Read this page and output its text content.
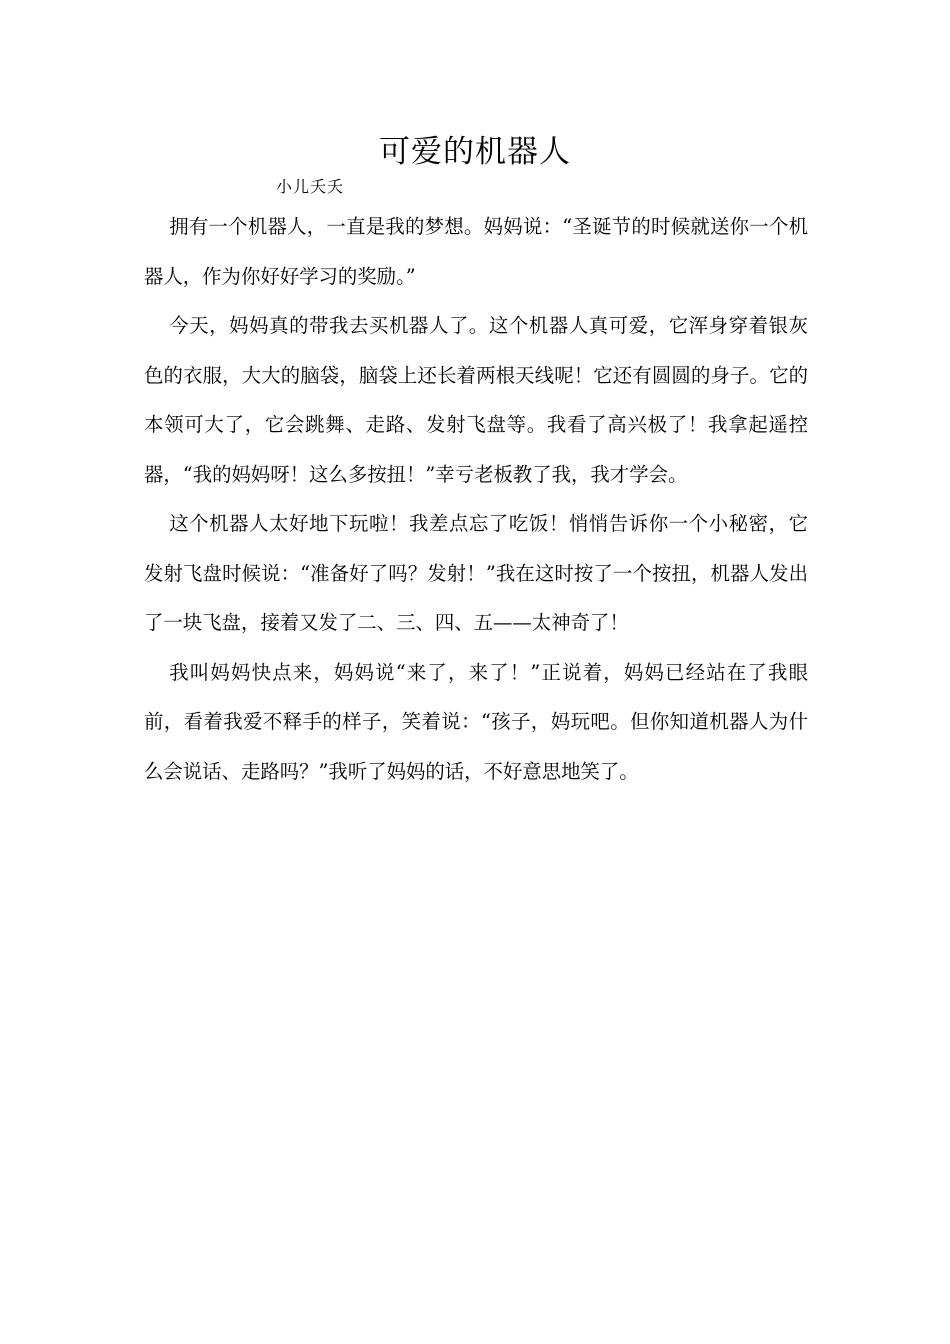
可爱的机器人
小儿夭夭

拥有一个机器人，一直是我的梦想。妈妈说：“圣诞节的时候就送你一个机器人，作为你好好学习的奖励。”

今天，妈妈真的带我去买机器人了。这个机器人真可爱，它浑身穿着银灰色的衣服，大大的脑袋，脑袋上还长着两根天线呢！它还有圆圆的身子。它的本领可大了，它会跳舞、走路、发射飞盘等。我看了高兴极了！我拿起遥控器，“我的妈妈呀！这么多按扭！”幸亏老板教了我，我才学会。

这个机器人太好地下玩啦！我差点忘了吃饭！悄悄告诉你一个小秘密，它发射飞盘时候说：“准备好了吗？发射！”我在这时按了一个按扭，机器人发出了一块飞盘，接着又发了二、三、四、五——太神奇了！

我叫妈妈快点来，妈妈说“来了，来了！”正说着，妈妈已经站在了我眼前，看着我爱不释手的样子，笑着说：“孩子，妈玩吧。但你知道机器人为什么会说话、走路吗？”我听了妈妈的话，不好意思地笑了。
